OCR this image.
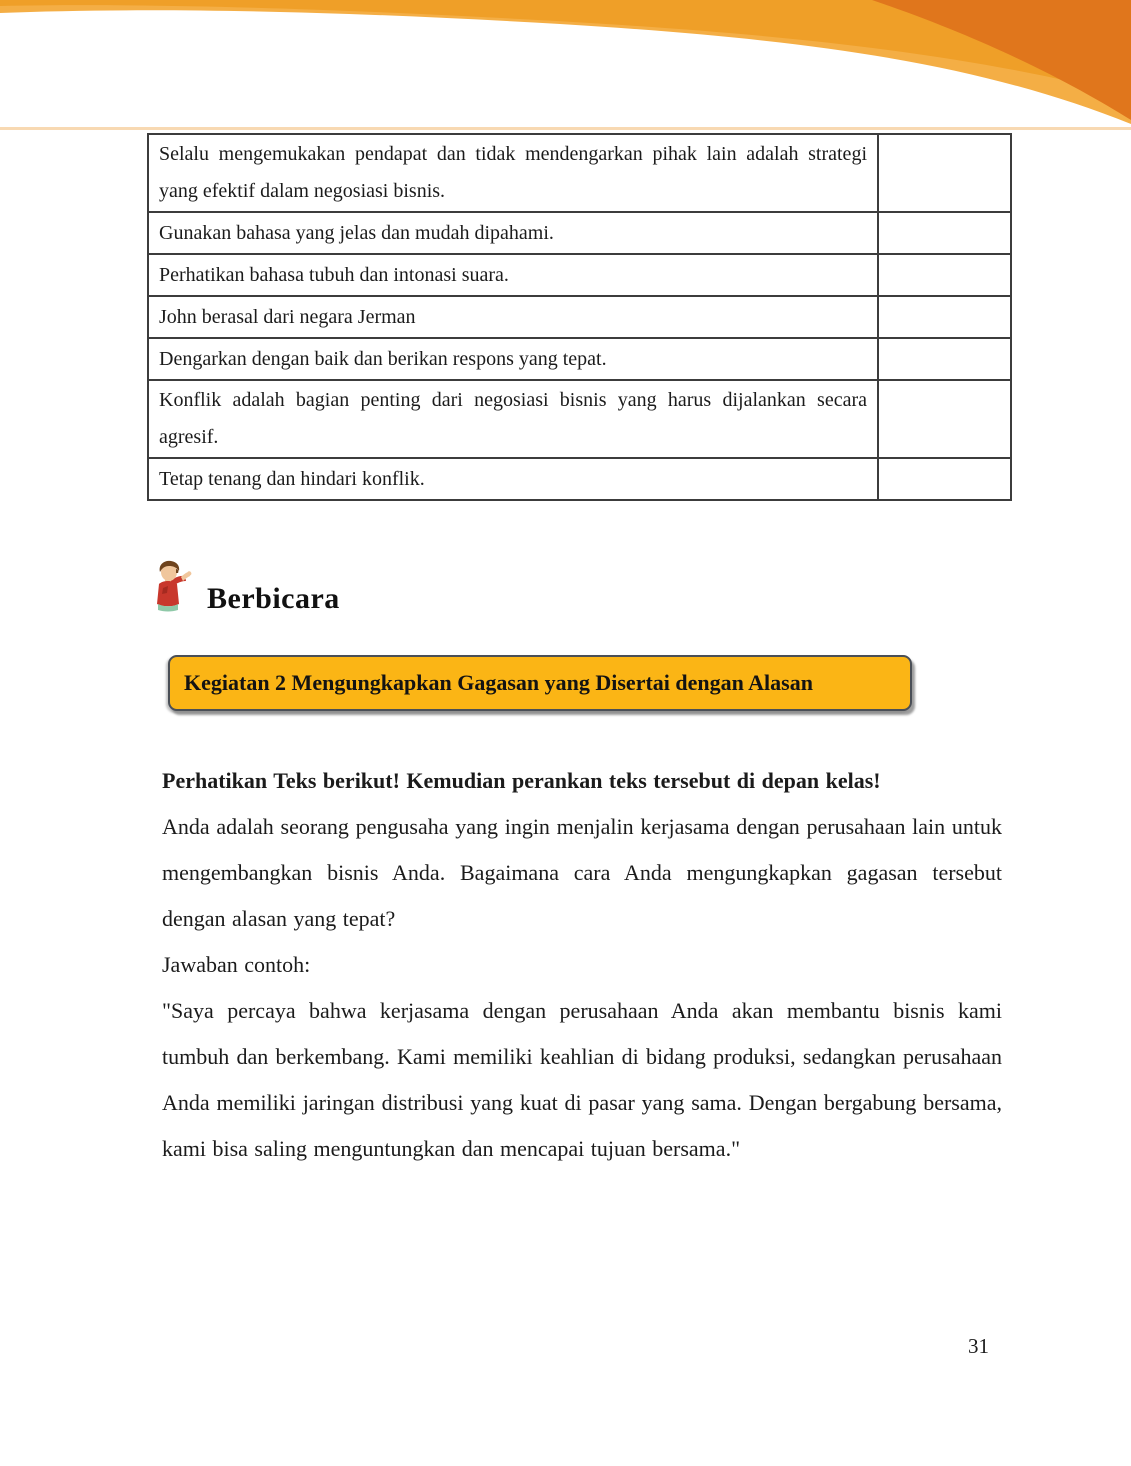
Selalu mengemukakan pendapat dan tidak mendengarkan pihak lain adalah strategi yang efektif dalam negosiasi bisnis.	
Gunakan bahasa yang jelas dan mudah dipahami.	
Perhatikan bahasa tubuh dan intonasi suara.	
John berasal dari negara Jerman	
Dengarkan dengan baik dan berikan respons yang tepat.	
Konflik adalah bagian penting dari negosiasi bisnis yang harus dijalankan secara agresif.	
Tetap tenang dan hindari konflik.	
Berbicara
Kegiatan 2 Mengungkapkan Gagasan yang Disertai dengan Alasan

Perhatikan Teks berikut! Kemudian perankan teks tersebut di depan kelas!

Anda adalah seorang pengusaha yang ingin menjalin kerjasama dengan perusahaan lain untuk mengembangkan bisnis Anda. Bagaimana cara Anda mengungkapkan gagasan tersebut dengan alasan yang tepat?

Jawaban contoh:

"Saya percaya bahwa kerjasama dengan perusahaan Anda akan membantu bisnis kami tumbuh dan berkembang. Kami memiliki keahlian di bidang produksi, sedangkan perusahaan Anda memiliki jaringan distribusi yang kuat di pasar yang sama. Dengan bergabung bersama, kami bisa saling menguntungkan dan mencapai tujuan bersama."

31
